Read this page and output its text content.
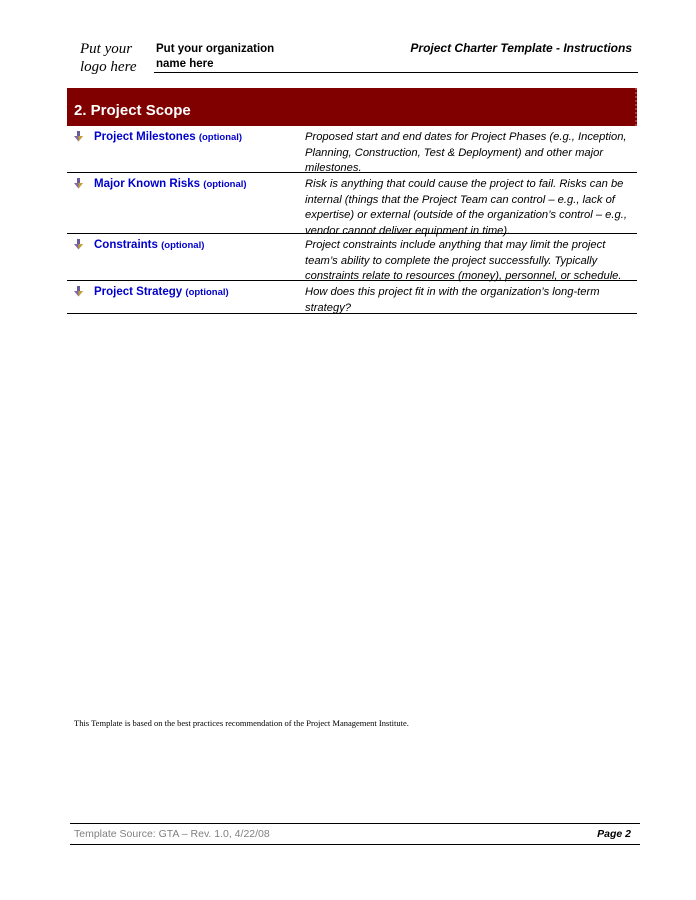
Put your
logo here
Put your organization
name here
Project Charter Template - Instructions
2. Project Scope
Project Milestones (optional)	Proposed start and end dates for Project Phases (e.g., Inception, Planning, Construction, Test & Deployment) and other major milestones.
Major Known Risks (optional)	Risk is anything that could cause the project to fail. Risks can be internal (things that the Project Team can control – e.g., lack of expertise) or external (outside of the organization’s control – e.g., vendor cannot deliver equipment in time).
Constraints (optional)	Project constraints include anything that may limit the project team’s ability to complete the project successfully. Typically constraints relate to resources (money), personnel, or schedule.
Project Strategy (optional)	How does this project fit in with the organization’s long-term strategy?
This Template is based on the best practices recommendation of the Project Management Institute.
Template Source: GTA – Rev. 1.0, 4/22/08	Page 2
